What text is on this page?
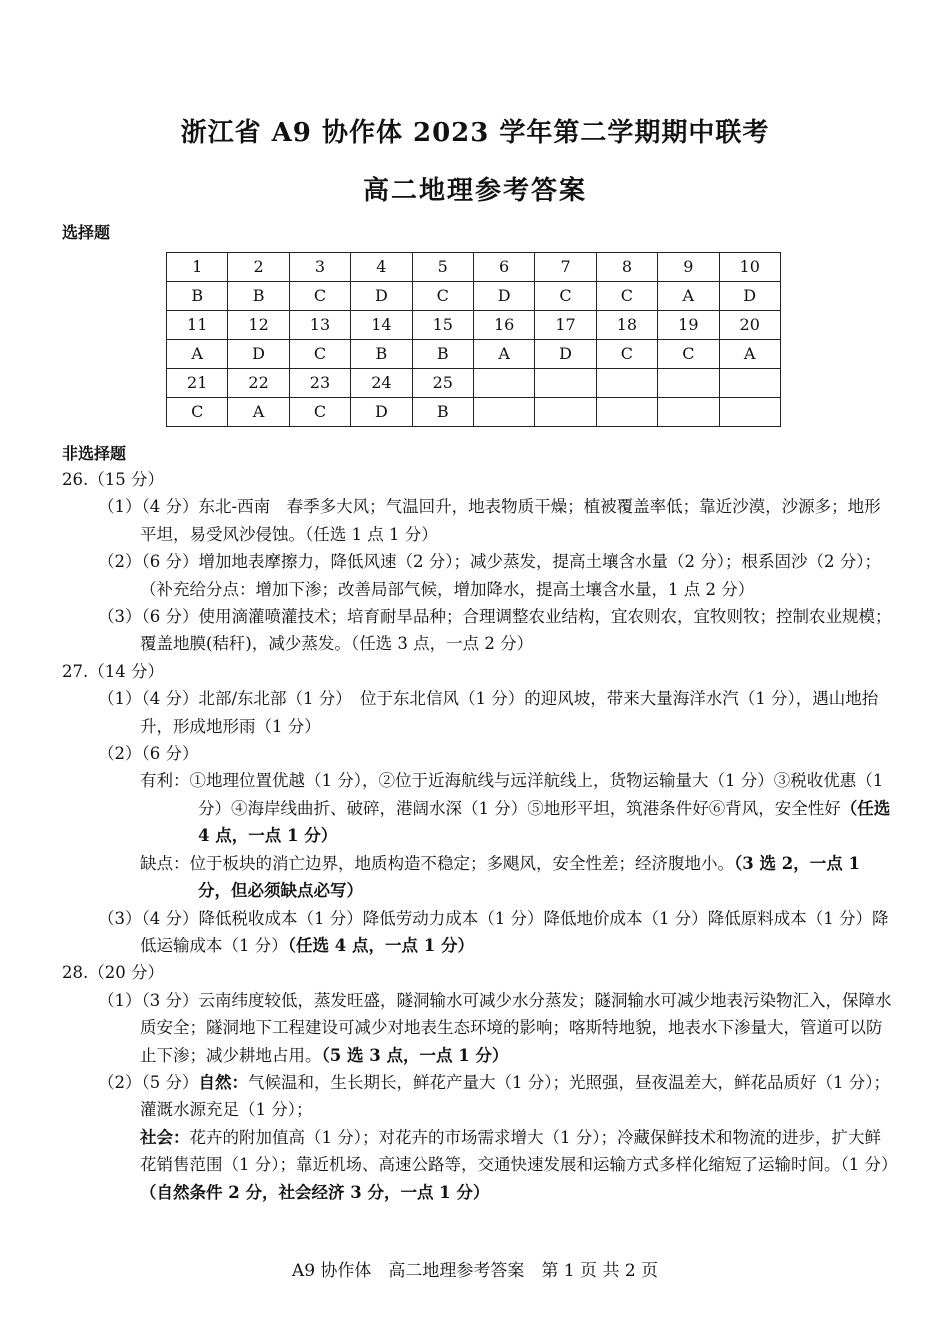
浙江省 A9 协作体 2023 学年第二学期期中联考
高二地理参考答案
选择题
1	2	3	4	5	6	7	8	9	10
B	B	C	D	C	D	C	C	A	D
11	12	13	14	15	16	17	18	19	20
A	D	C	B	B	A	D	C	C	A
21	22	23	24	25					
C	A	C	D	B					
非选择题

26.（15 分）

（1）（4 分）东北-西南　春季多大风；气温回升，地表物质干燥；植被覆盖率低；靠近沙漠，沙源多；地形平坦，易受风沙侵蚀。（任选 1 点 1 分）

（2）（6 分）增加地表摩擦力，降低风速（2 分）；减少蒸发，提高土壤含水量（2 分）；根系固沙（2 分）；（补充给分点：增加下渗；改善局部气候，增加降水，提高土壤含水量，1 点 2 分）

（3）（6 分）使用滴灌喷灌技术；培育耐旱品种；合理调整农业结构，宜农则农，宜牧则牧；控制农业规模；覆盖地膜(秸秆)，减少蒸发。（任选 3 点，一点 2 分）

27.（14 分）

（1）（4 分）北部/东北部（1 分）　位于东北信风（1 分）的迎风坡，带来大量海洋水汽（1 分），遇山地抬升，形成地形雨（1 分）

（2）（6 分）

有利：①地理位置优越（1 分），②位于近海航线与远洋航线上，货物运输量大（1 分）③税收优惠（1 分）④海岸线曲折、破碎，港阔水深（1 分）⑤地形平坦，筑港条件好⑥背风，安全性好（任选 4 点，一点 1 分）

缺点：位于板块的消亡边界，地质构造不稳定；多飓风，安全性差；经济腹地小。（3 选 2，一点 1 分，但必须缺点必写）

（3）（4 分）降低税收成本（1 分）降低劳动力成本（1 分）降低地价成本（1 分）降低原料成本（1 分）降低运输成本（1 分）（任选 4 点，一点 1 分）

28.（20 分）

（1）（3 分）云南纬度较低，蒸发旺盛，隧洞输水可减少水分蒸发；隧洞输水可减少地表污染物汇入，保障水质安全；隧洞地下工程建设可减少对地表生态环境的影响；喀斯特地貌，地表水下渗量大，管道可以防止下渗；减少耕地占用。（5 选 3 点，一点 1 分）

（2）（5 分）自然：气候温和，生长期长，鲜花产量大（1 分）；光照强，昼夜温差大，鲜花品质好（1 分）；灌溉水源充足（1 分）；

社会：花卉的附加值高（1 分）；对花卉的市场需求增大（1 分）；冷藏保鲜技术和物流的进步，扩大鲜花销售范围（1 分）；靠近机场、高速公路等，交通快速发展和运输方式多样化缩短了运输时间。（1 分）

（自然条件 2 分，社会经济 3 分，一点 1 分）

A9 协作体　高二地理参考答案　第 1 页 共 2 页
